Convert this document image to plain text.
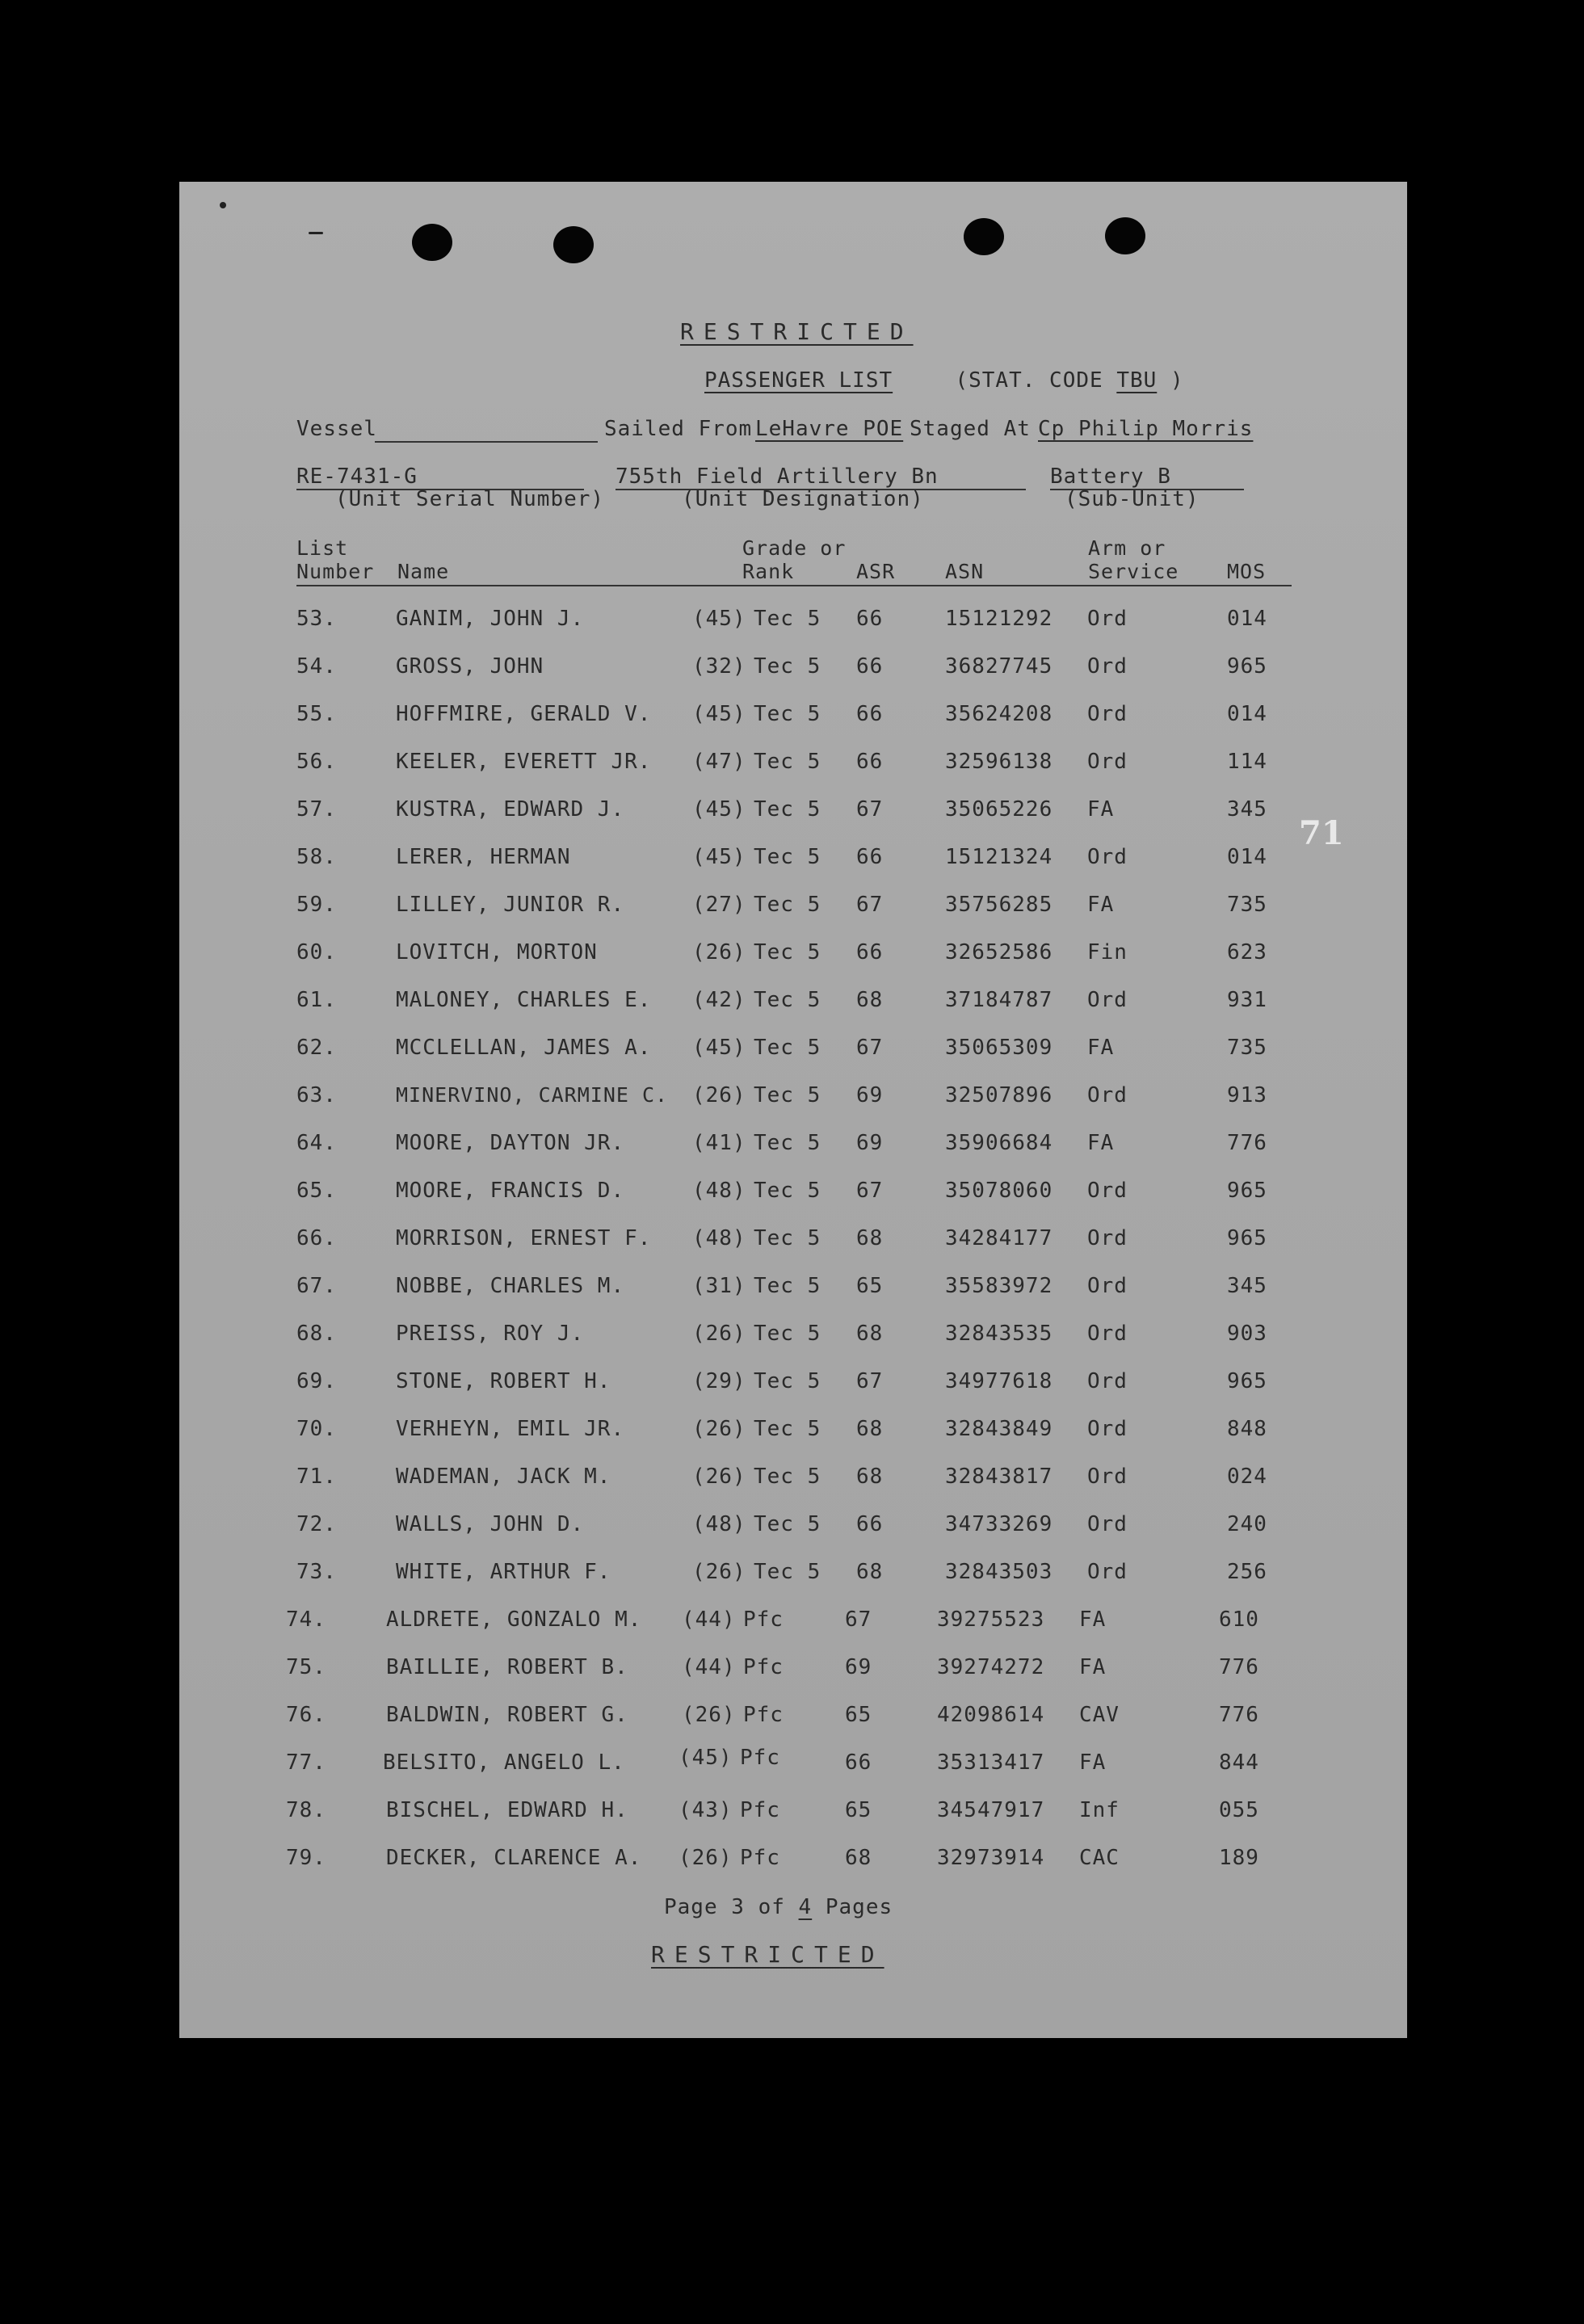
RESTRICTED
PASSENGER LIST	(STAT. CODE TBU )
Vessel	Sailed From LeHavre POE Staged At Cp Philip Morris
RE-7431-G
(Unit Serial Number)
755th Field Artillery Bn
(Unit Designation)
Battery B
(Sub-Unit)
List
Number Name
Grade or
Rank	ASR ASN
Arm or
Service MOS
53.	GANIM, JOHN J.	(45) Tec 5 66	15121292 Ord	014
54.	GROSS, JOHN	(32) Tec 5 66	36827745 Ord	965
55.	HOFFMIRE, GERALD V. (45) Tec 5 66	35624208 Ord	014
56.	KEELER, EVERETT JR. (47) Tec 5 66	32596138 Ord	114
57.	KUSTRA, EDWARD J.	(45) Tec 5 67	35065226 FA	345
58.	LERER, HERMAN	(45) Tec 5 66	15121324 Ord	014
59.	LILLEY, JUNIOR R.	(27) Tec 5 67	35756285 FA	735
60.	LOVITCH, MORTON	(26) Tec 5 66	32652586 Fin	623
61.	MALONEY, CHARLES E. (42) Tec 5 68	37184787 Ord	931
62.	MCCLELLAN, JAMES A. (45) Tec 5 67	35065309 FA	735
63.	MINERVINO, CARMINE C. (26) Tec 5 69	32507896 Ord	913
64.	MOORE, DAYTON JR.	(41) Tec 5 69	35906684 FA	776
65.	MOORE, FRANCIS D.	(48) Tec 5 67	35078060 Ord	965
66.	MORRISON, ERNEST F. (48) Tec 5 68	34284177 Ord	965
67.	NOBBE, CHARLES M.	(31) Tec 5 65	35583972 Ord	345
68.	PREISS, ROY J.	(26) Tec 5 68	32843535 Ord	903
69.	STONE, ROBERT H.	(29) Tec 5 67	34977618 Ord	965
70.	VERHEYN, EMIL JR.	(26) Tec 5 68	32843849 Ord	848
71.	WADEMAN, JACK M.	(26) Tec 5 68	32843817 Ord	024
72.	WALLS, JOHN D.	(48) Tec 5 66	34733269 Ord	240
73.	WHITE, ARTHUR F.	(26) Tec 5 68	32843503 Ord	256
74.	ALDRETE, GONZALO M. (44) Pfc	67	39275523 FA	610
75.	BAILLIE, ROBERT B.	(44) Pfc	69	39274272 FA	776
76.	BALDWIN, ROBERT G.	(26) Pfc	65	42098614 CAV	776
77.	BELSITO, ANGELO L.	(45) Pfc	66	35313417 FA	844
78.	BISCHEL, EDWARD H. (43) Pfc	65	34547917 Inf	055
79.	DECKER, CLARENCE A. (26) Pfc	68	32973914 CAC	189
Page 3 of 4 Pages
RESTRICTED
71
